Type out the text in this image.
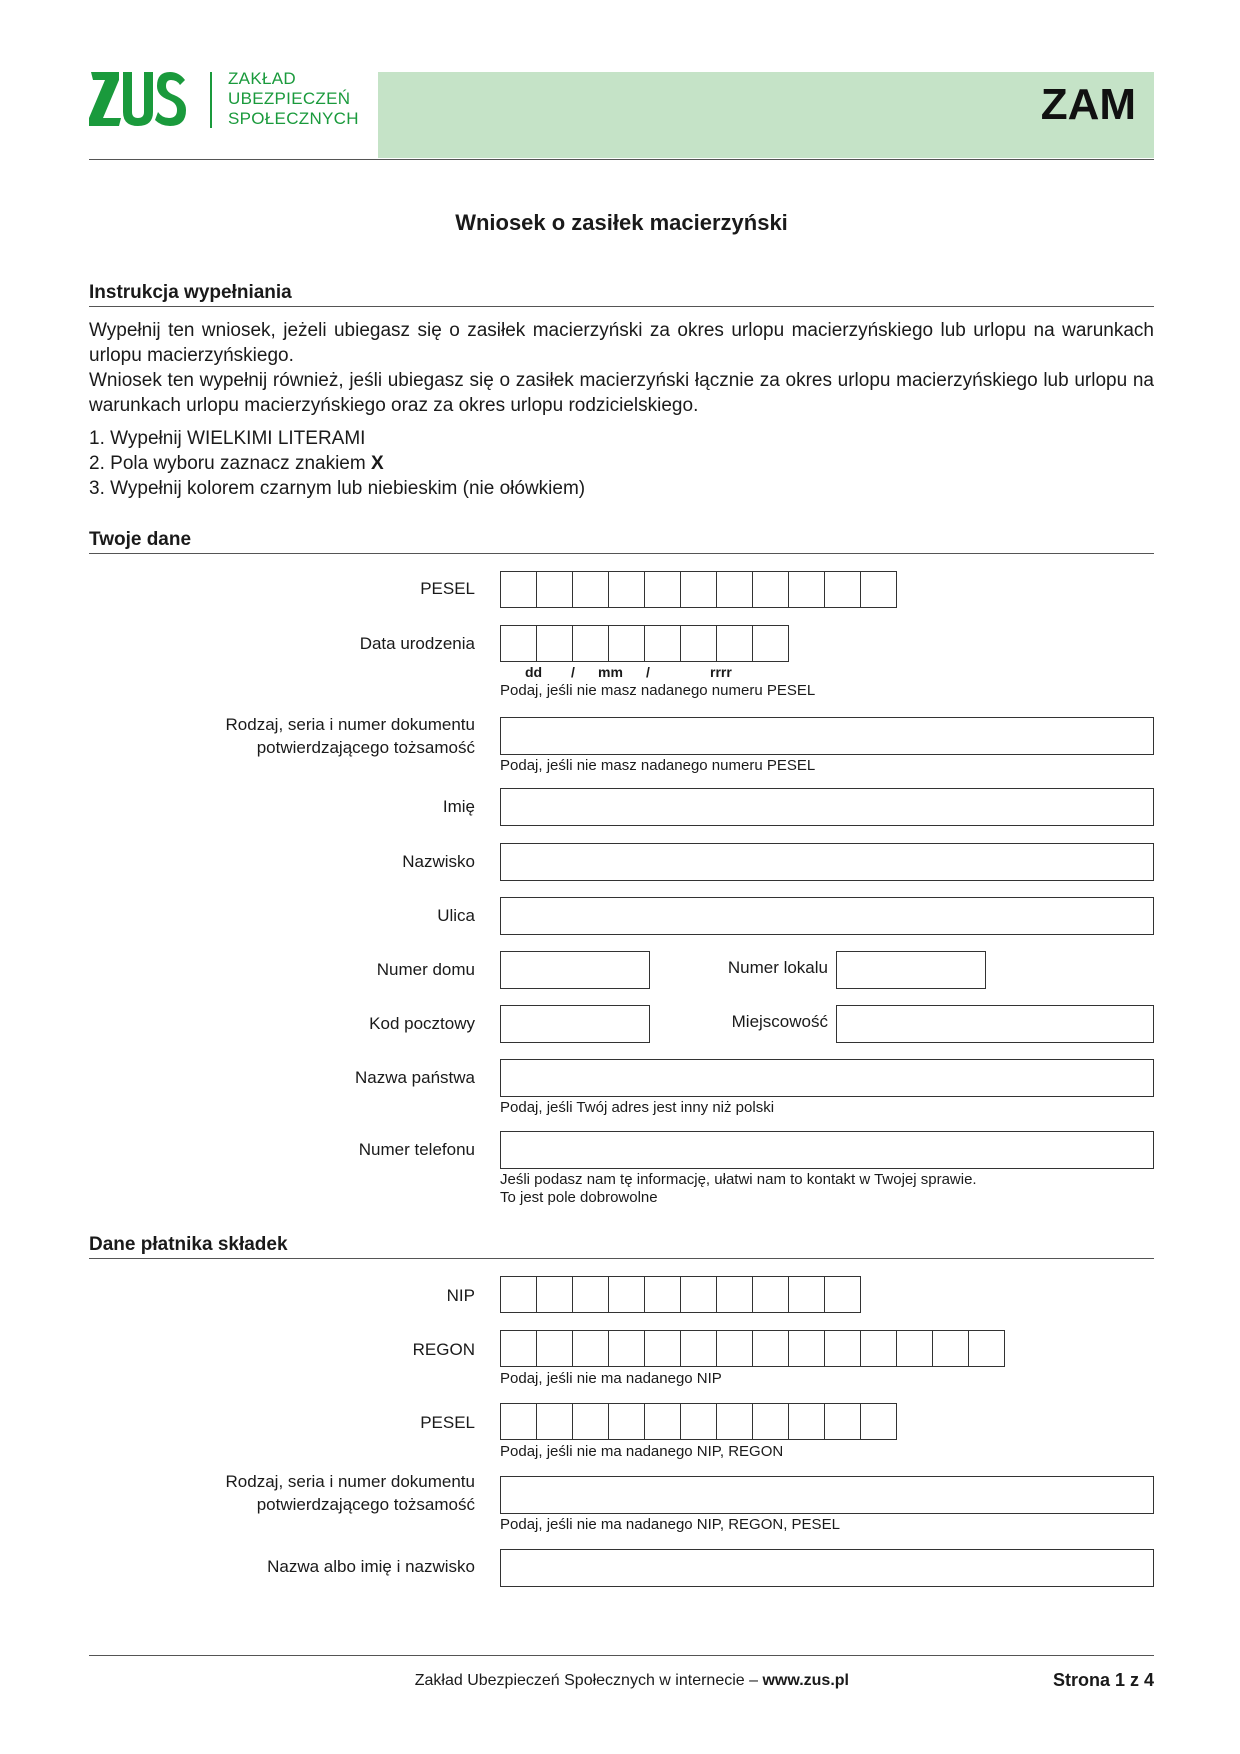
ZAKŁAD
UBEZPIECZEŃ
SPOŁECZNYCH	ZAM
Wniosek o zasiłek macierzyński
Instrukcja wypełniania

Wypełnij ten wniosek, jeżeli ubiegasz się o zasiłek macierzyński za okres urlopu macierzyńskiego lub urlopu na warunkach urlopu macierzyńskiego.

Wniosek ten wypełnij również, jeśli ubiegasz się o zasiłek macierzyński łącznie za okres urlopu macierzyńskiego lub urlopu na warunkach urlopu macierzyńskiego oraz za okres urlopu rodzicielskiego.

1. Wypełnij WIELKIMI LITERAMI
2. Pola wyboru zaznacz znakiem X
3. Wypełnij kolorem czarnym lub niebieskim (nie ołówkiem)
Twoje dane
PESEL
Data urodzenia
dd / mm /	rrrr
Podaj, jeśli nie masz nadanego numeru PESEL
Rodzaj, seria i numer dokumentu
potwierdzającego tożsamość
Podaj, jeśli nie masz nadanego numeru PESEL
Imię
Nazwisko
Ulica
Numer domu	Numer lokalu
Kod pocztowy	Miejscowość
Nazwa państwa
Podaj, jeśli Twój adres jest inny niż polski
Numer telefonu
Jeśli podasz nam tę informację, ułatwi nam to kontakt w Twojej sprawie.
To jest pole dobrowolne
Dane płatnika składek
NIP
REGON
Podaj, jeśli nie ma nadanego NIP
PESEL
Podaj, jeśli nie ma nadanego NIP, REGON
Rodzaj, seria i numer dokumentu
potwierdzającego tożsamość
Podaj, jeśli nie ma nadanego NIP, REGON, PESEL
Nazwa albo imię i nazwisko
Zakład Ubezpieczeń Społecznych w internecie – www.zus.pl	Strona 1 z 4
